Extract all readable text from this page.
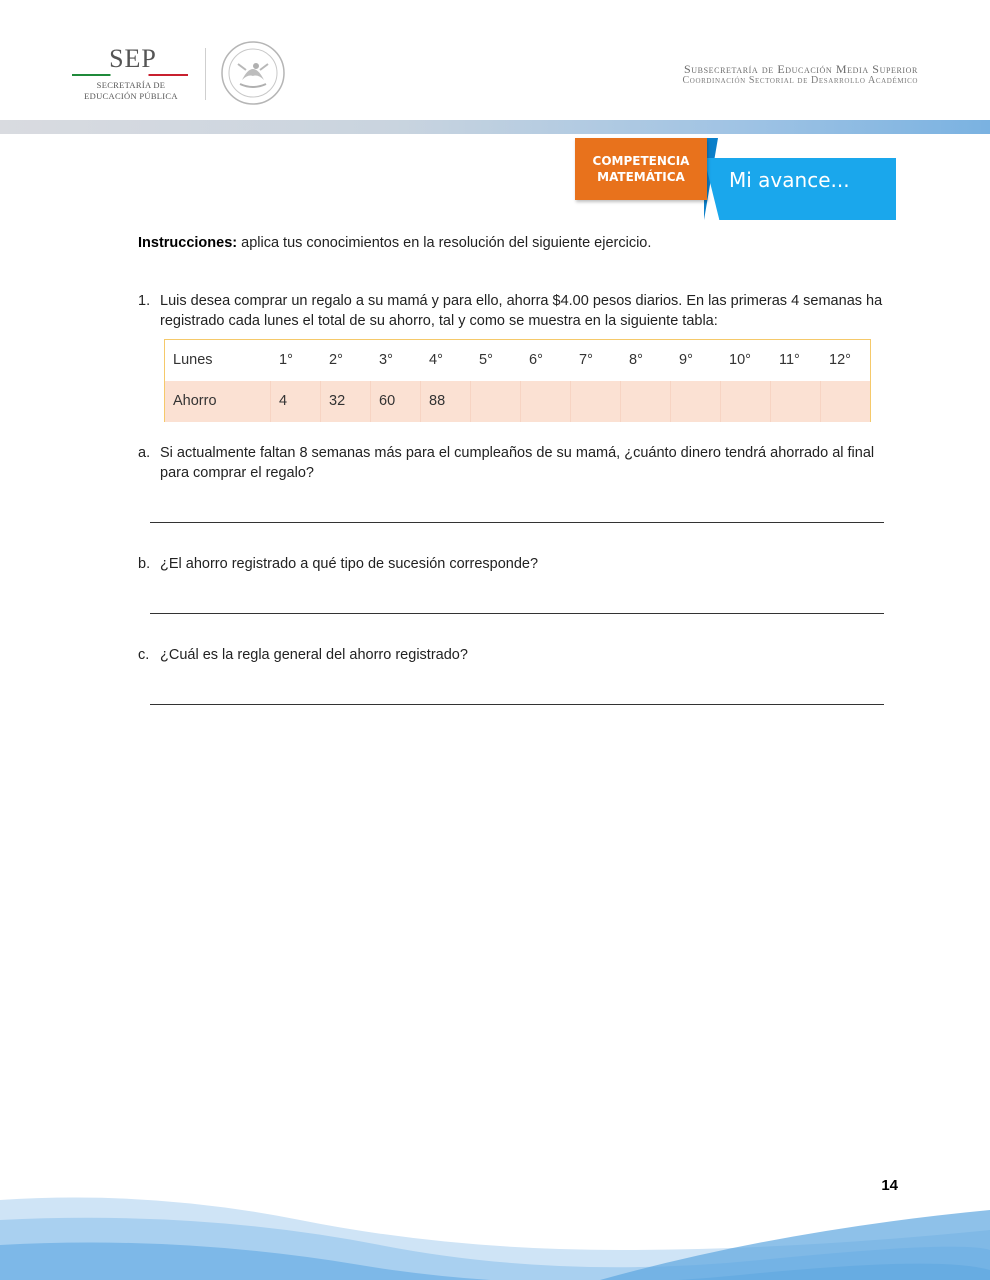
SEP
SECRETARÍA DE
EDUCACIÓN PÚBLICA
Subsecretaría de Educación Media Superior
Coordinación Sectorial de Desarrollo Académico
Mi avance...
COMPETENCIA
MATEMÁTICA
Instrucciones: aplica tus conocimientos en la resolución del siguiente ejercicio.
1. Luis desea comprar un regalo a su mamá y para ello, ahorra $4.00 pesos diarios. En las primeras 4 semanas ha
registrado cada lunes el total de su ahorro, tal y como se muestra en la siguiente tabla:
Lunes	1°	2°	3°	4°	5°	6°	7°	8°	9°	10°	11°	12°
Ahorro	4	32	60	88
a. Si actualmente faltan 8 semanas más para el cumpleaños de su mamá, ¿cuánto dinero tendrá ahorrado al final
para comprar el regalo?
b. ¿El ahorro registrado a qué tipo de sucesión corresponde?
c. ¿Cuál es la regla general del ahorro registrado?
14
